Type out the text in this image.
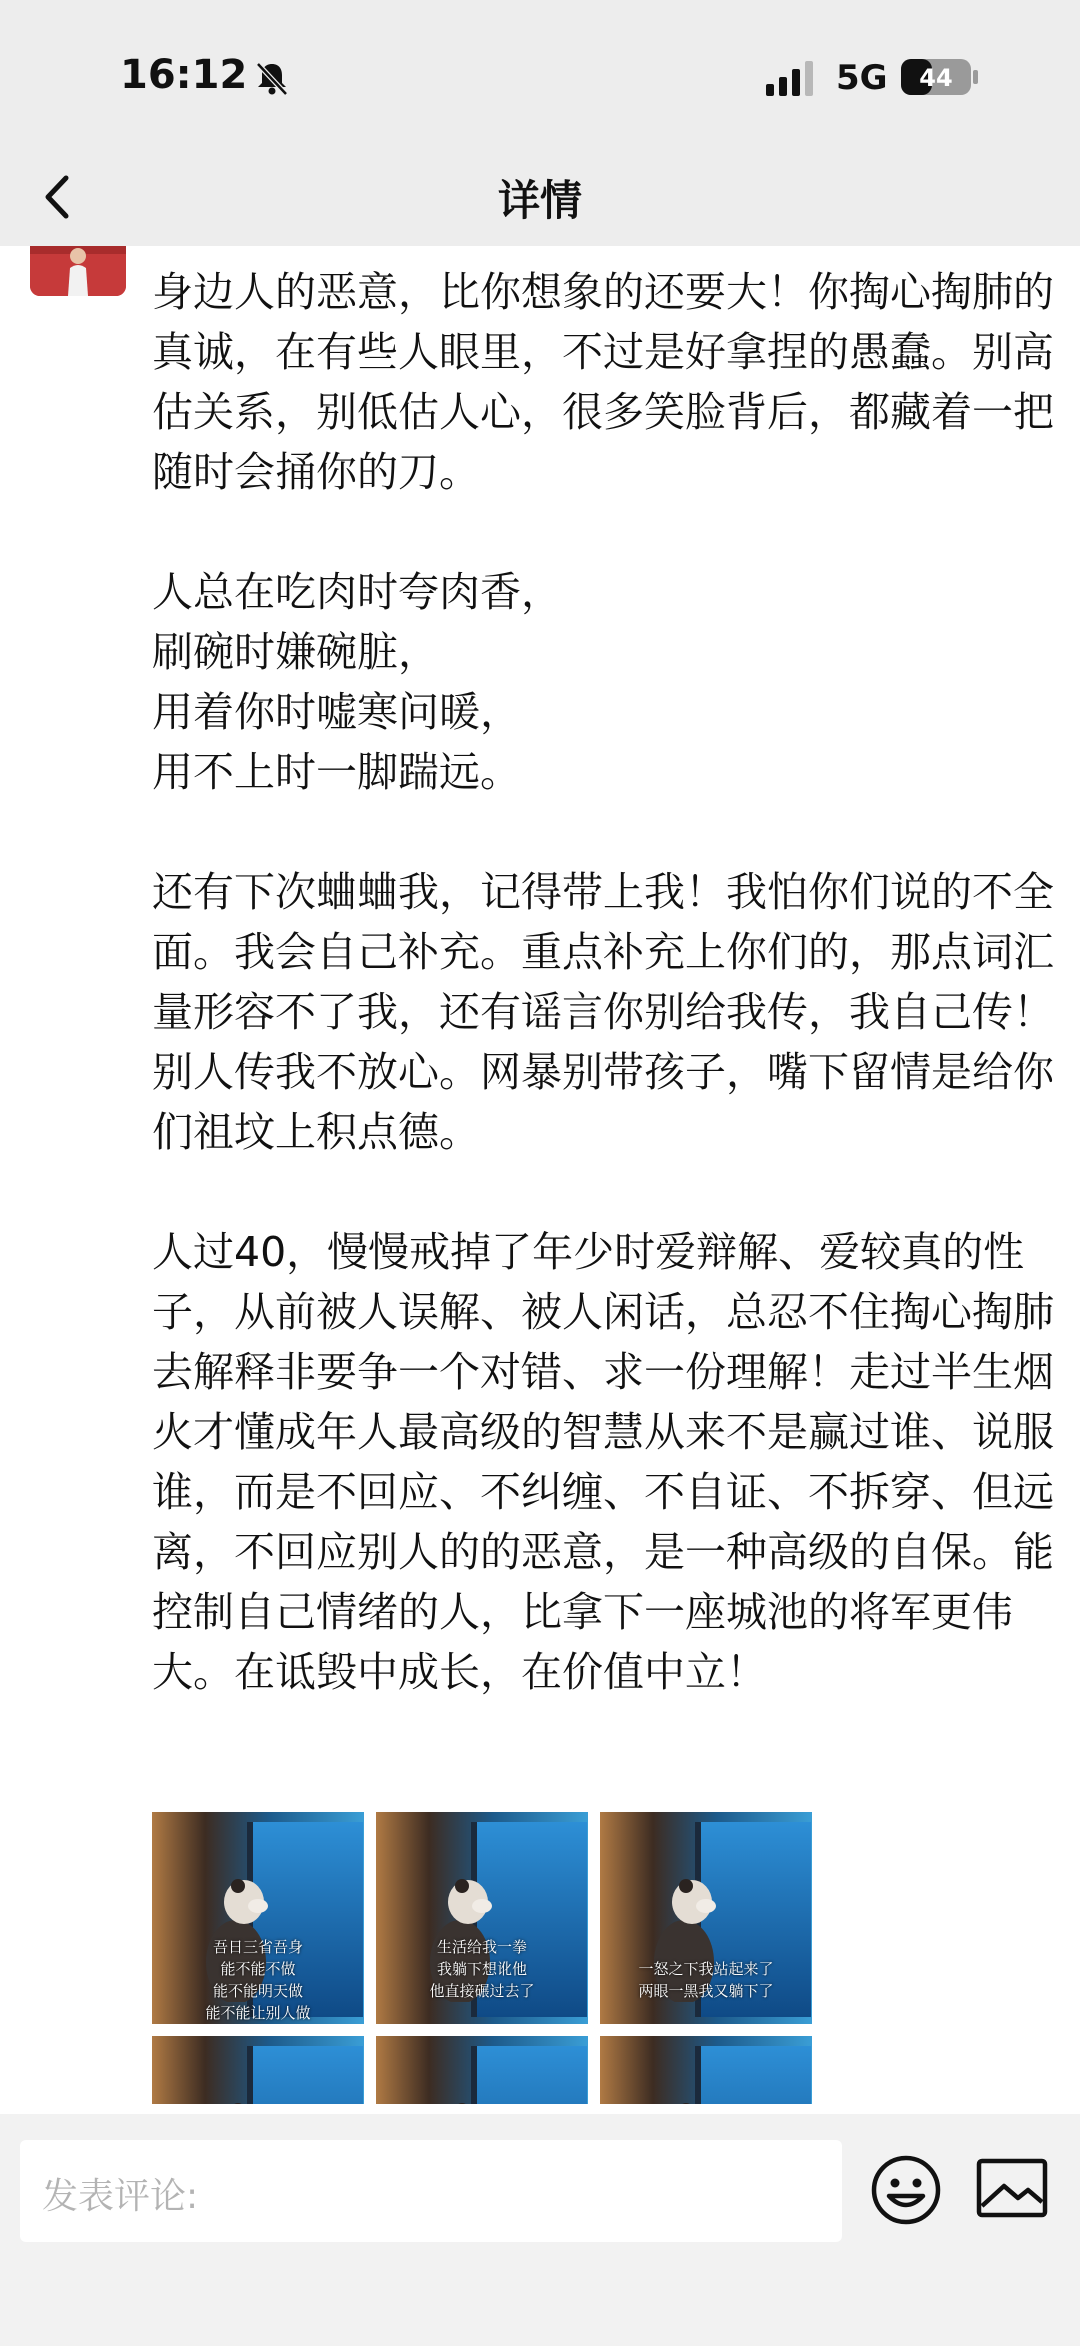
16:12	5G 44
详情

身边人的恶意，比你想象的还要大！你掏心掏肺的真诚，在有些人眼里，不过是好拿捏的愚蠢。别高估关系，别低估人心，很多笑脸背后，都藏着一把随时会捅你的刀。

人总在吃肉时夸肉香，
刷碗时嫌碗脏，
用着你时嘘寒问暖，
用不上时一脚踹远。

还有下次蛐蛐我，记得带上我！我怕你们说的不全面。我会自己补充。重点补充上你们的，那点词汇量形容不了我，还有谣言你别给我传，我自己传！别人传我不放心。网暴别带孩子，嘴下留情是给你们祖坟上积点德。

人过40，慢慢戒掉了年少时爱辩解、爱较真的性子，从前被人误解、被人闲话，总忍不住掏心掏肺去解释非要争一个对错、求一份理解！走过半生烟火才懂成年人最高级的智慧从来不是赢过谁、说服谁，而是不回应、不纠缠、不自证、不拆穿、但远离，不回应别人的的恶意，是一种高级的自保。能控制自己情绪的人，比拿下一座城池的将军更伟大。在诋毁中成长，在价值中立！

吾日三省吾身
能不能不做
能不能明天做
能不能让别人做
生活给我一拳
我躺下想讹他
他直接碾过去了
一怒之下我站起来了
两眼一黑我又躺下了
发表评论:
